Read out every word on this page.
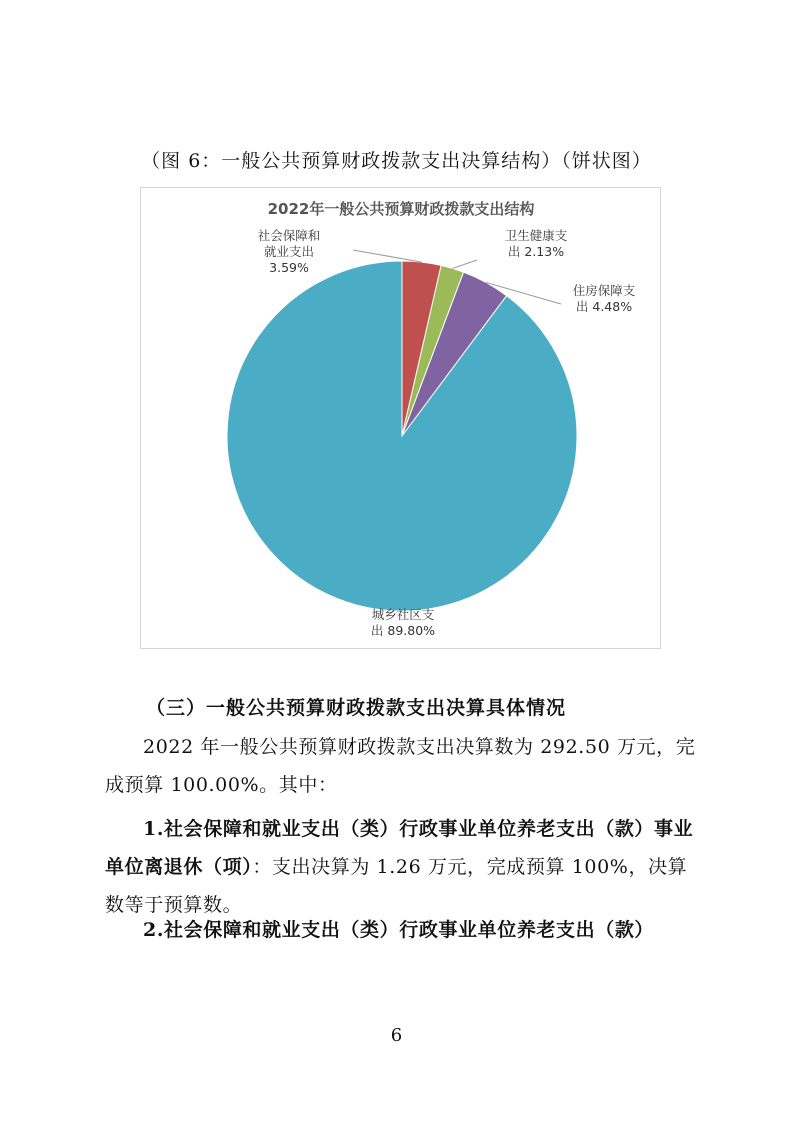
（图 6：一般公共预算财政拨款支出决算结构）（饼状图）
2022年一般公共预算财政拨款支出结构
社会保障和就业支出 3.59%
卫生健康支出 2.13%
住房保障支出 4.48%
城乡社区支出 89.80%
（三）一般公共预算财政拨款支出决算具体情况
2022 年一般公共预算财政拨款支出决算数为 292.50 万元，完成预算 100.00%。其中：
1.社会保障和就业支出（类）行政事业单位养老支出（款）事业单位离退休（项）：支出决算为 1.26 万元，完成预算 100%，决算数等于预算数。
2.社会保障和就业支出（类）行政事业单位养老支出（款）
6
